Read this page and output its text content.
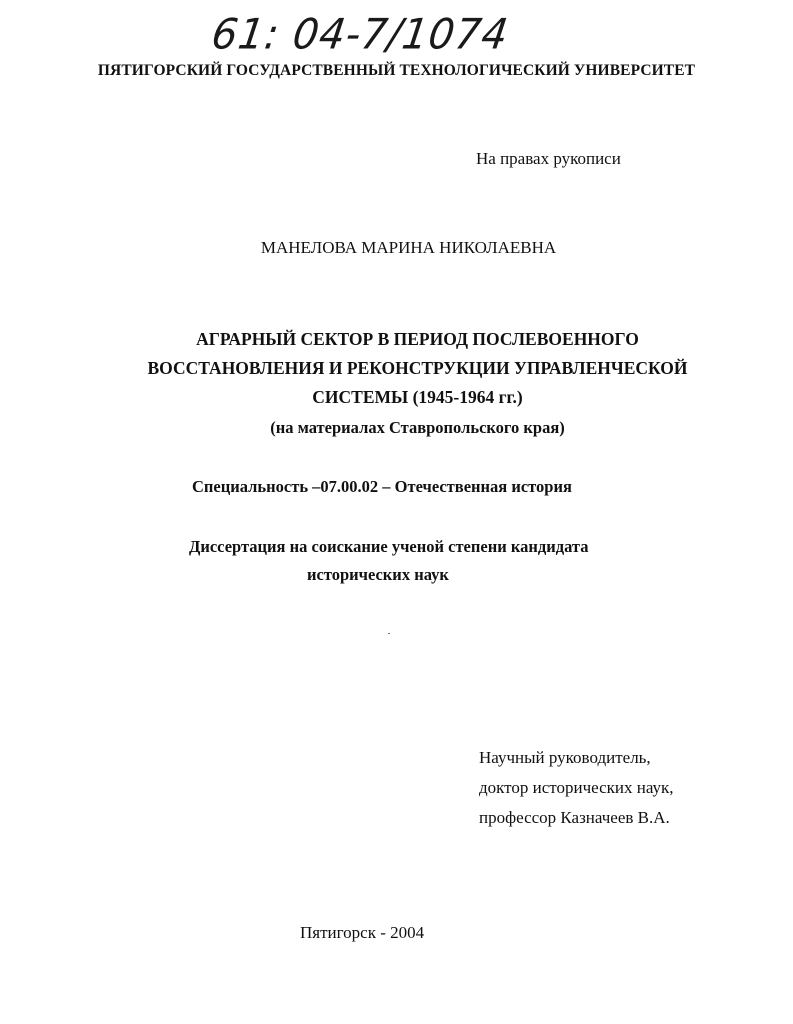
61: 04-7/1074
ПЯТИГОРСКИЙ ГОСУДАРСТВЕННЫЙ ТЕХНОЛОГИЧЕСКИЙ УНИВЕРСИТЕТ
На правах рукописи
МАНЕЛОВА МАРИНА НИКОЛАЕВНА
АГРАРНЫЙ СЕКТОР В ПЕРИОД ПОСЛЕВОЕННОГО
ВОССТАНОВЛЕНИЯ И РЕКОНСТРУКЦИИ УПРАВЛЕНЧЕСКОЙ
СИСТЕМЫ (1945-1964 гг.)
(на материалах Ставропольского края)
Специальность –07.00.02 – Отечественная история
Диссертация на соискание ученой степени кандидата
исторических наук
Научный руководитель,
доктор исторических наук,
профессор Казначеев В.А.
Пятигорск - 2004
